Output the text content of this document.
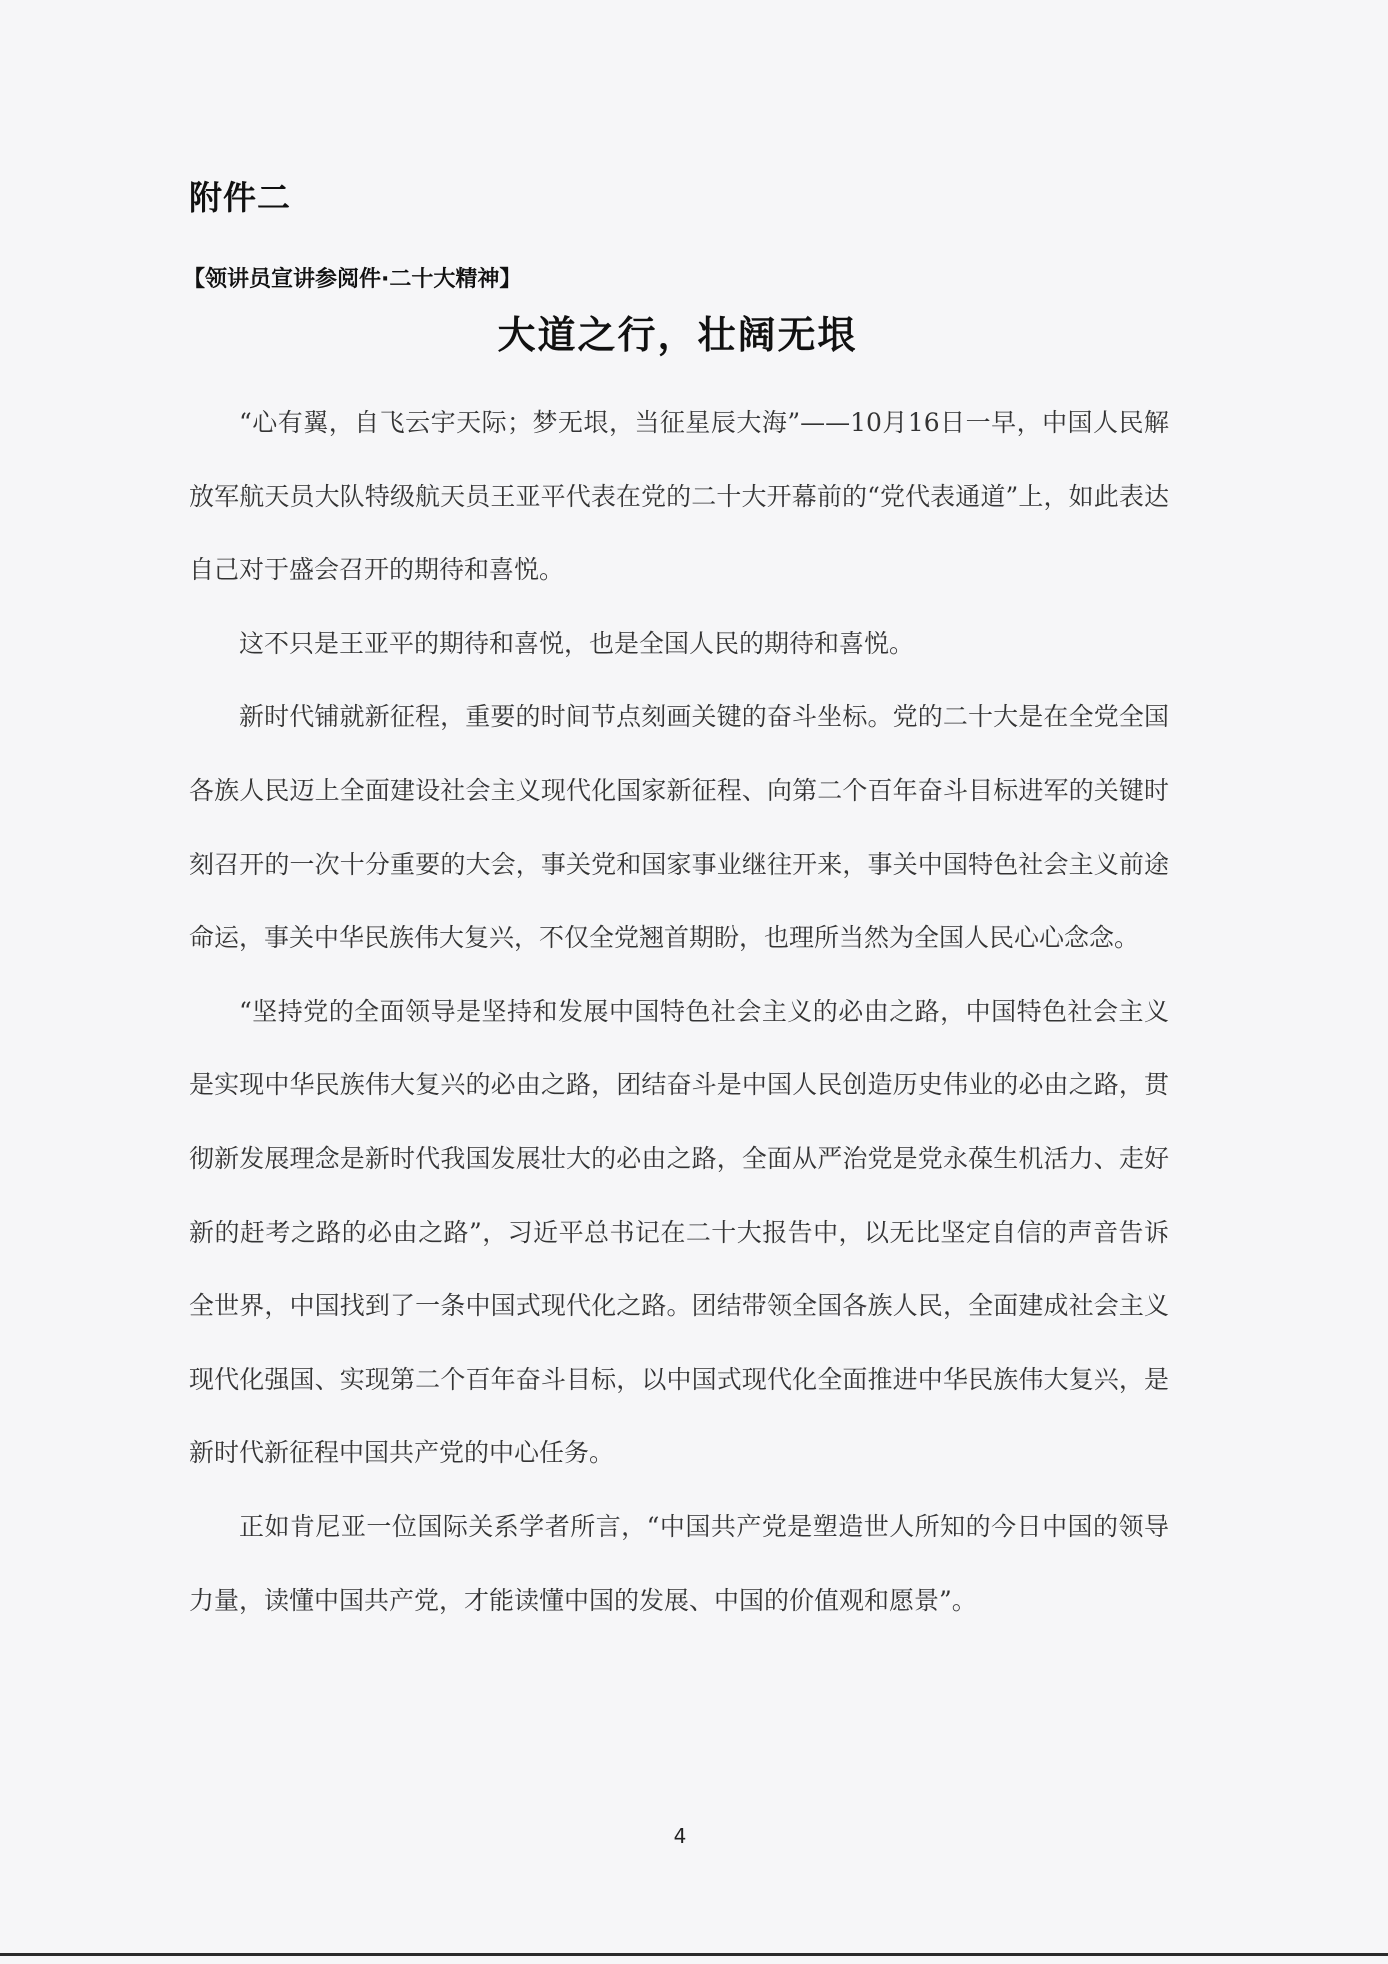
附件二
【领讲员宣讲参阅件·二十大精神】
大道之行，壮阔无垠

“心有翼，自飞云宇天际；梦无垠，当征星辰大海”——10月16日一早，中国人民解放军航天员大队特级航天员王亚平代表在党的二十大开幕前的“党代表通道”上，如此表达自己对于盛会召开的期待和喜悦。

这不只是王亚平的期待和喜悦，也是全国人民的期待和喜悦。

新时代铺就新征程，重要的时间节点刻画关键的奋斗坐标。党的二十大是在全党全国各族人民迈上全面建设社会主义现代化国家新征程、向第二个百年奋斗目标进军的关键时刻召开的一次十分重要的大会，事关党和国家事业继往开来，事关中国特色社会主义前途命运，事关中华民族伟大复兴，不仅全党翘首期盼，也理所当然为全国人民心心念念。

“坚持党的全面领导是坚持和发展中国特色社会主义的必由之路，中国特色社会主义是实现中华民族伟大复兴的必由之路，团结奋斗是中国人民创造历史伟业的必由之路，贯彻新发展理念是新时代我国发展壮大的必由之路，全面从严治党是党永葆生机活力、走好新的赶考之路的必由之路”，习近平总书记在二十大报告中，以无比坚定自信的声音告诉全世界，中国找到了一条中国式现代化之路。团结带领全国各族人民，全面建成社会主义现代化强国、实现第二个百年奋斗目标，以中国式现代化全面推进中华民族伟大复兴，是新时代新征程中国共产党的中心任务。

正如肯尼亚一位国际关系学者所言，“中国共产党是塑造世人所知的今日中国的领导力量，读懂中国共产党，才能读懂中国的发展、中国的价值观和愿景”。

4
